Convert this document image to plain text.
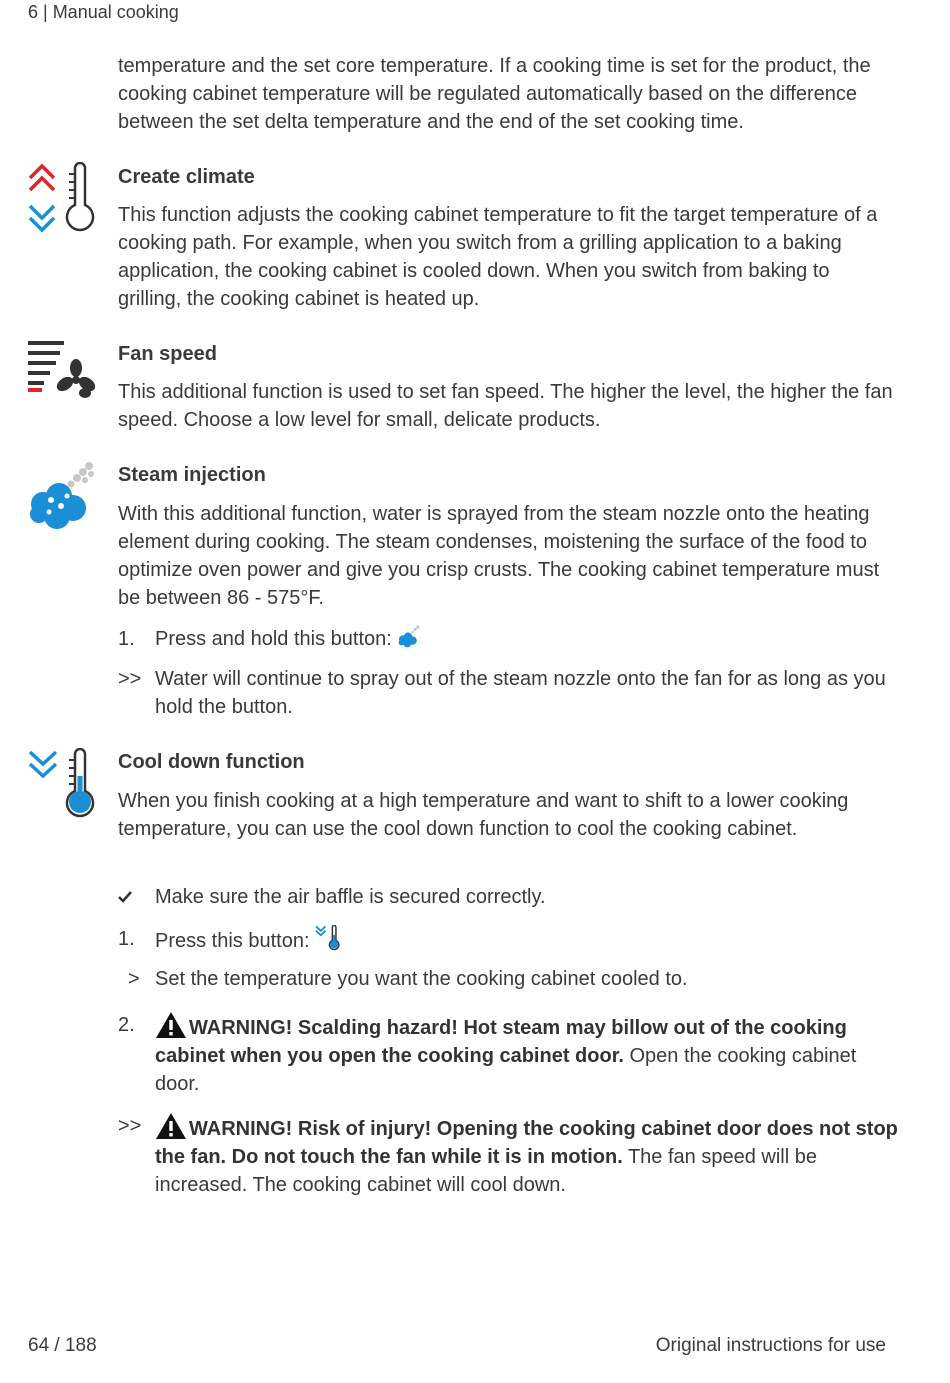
6 | Manual cooking

temperature and the set core temperature. If a cooking time is set for the product, the cooking cabinet temperature will be regulated automatically based on the difference between the set delta temperature and the end of the set cooking time.

Create climate

This function adjusts the cooking cabinet temperature to fit the target temperature of a cooking path. For example, when you switch from a grilling application to a baking application, the cooking cabinet is cooled down. When you switch from baking to grilling, the cooking cabinet is heated up.

Fan speed

This additional function is used to set fan speed. The higher the level, the higher the fan speed. Choose a low level for small, delicate products.

Steam injection

With this additional function, water is sprayed from the steam nozzle onto the heating element during cooking. The steam condenses, moistening the surface of the food to optimize oven power and give you crisp crusts. The cooking cabinet temperature must be between 86 - 575°F.

1.	Press and hold this button:
>> Water will continue to spray out of the steam nozzle onto the fan for as long as you hold the button.
Cool down function

When you finish cooking at a high temperature and want to shift to a lower cooking temperature, you can use the cool down function to cool the cooking cabinet.

Make sure the air baffle is secured correctly.
1.	Press this button:
> Set the temperature you want the cooking cabinet cooled to.
2.	WARNING! Scalding hazard! Hot steam may billow out of the cooking cabinet when you open the cooking cabinet door. Open the cooking cabinet door.
>>	WARNING! Risk of injury! Opening the cooking cabinet door does not stop the fan. Do not touch the fan while it is in motion. The fan speed will be increased. The cooking cabinet will cool down.
64 / 188	Original instructions for use
